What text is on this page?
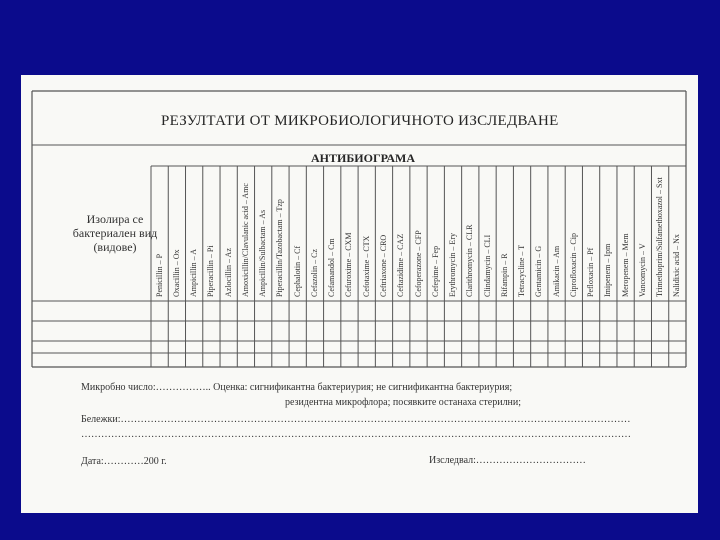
РЕЗУЛТАТИ ОТ МИКРОБИОЛОГИЧНОТО ИЗСЛЕДВАНЕ
АНТИБИОГРАМА
Изолира се бактериален вид (видове)
Penicillin – P Oxacillin – Ox Ampicillin – A Piperacillin – Pi Azlocillin – Az Amoxicillin/Clavulanic acid – Amc Ampicillin/Sulbactam – As Piperacillin/Tazobactam – Tzp Cephalotin – Cf Cefazolin – Cz Cefamandol – Cm Cefuroxime – CXM Cefotaxime – CTX Ceftriaxone – CRO Ceftazidime – CAZ Cefoperazone – CFP Cefepime – Fep Erythromycin – Ery Clarithromycin – CLR Clindamycin – CLI Rifampin – R Tetracycline – T Gentamicin – G Amikacin – Am Ciprofloxacin – Cip Pefloxacin – Pf Imipenem – Ipm Meropenem – Mem Vancomycin – V Trimethoprim/Sulfamethoxazol – Sxt Nalidixic acid – Nx
Микробно число:…………….. Оценка: сигнификантна бактериурия; не сигнификантна бактериурия;
резидентна микрофлора; посявките останаха стерилни;
Бележки:………………………………………………………………………………………………………………………………………
…………………………………………………………………………………………………………………………………………………
Дата:…………200 г.	Изследвал:……………………………
